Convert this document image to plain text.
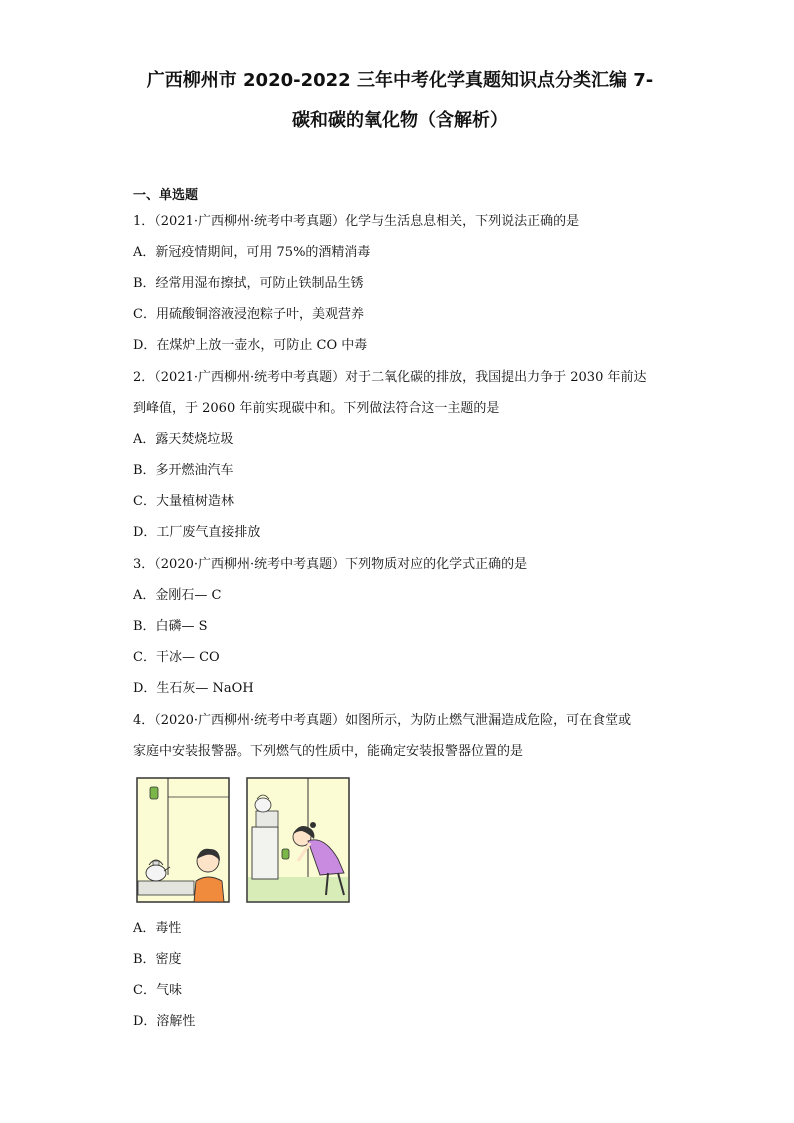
广西柳州市 2020-2022 三年中考化学真题知识点分类汇编 7-
碳和碳的氧化物（含解析）
一、单选题
1．（2021·广西柳州·统考中考真题）化学与生活息息相关，下列说法正确的是
A．新冠疫情期间，可用 75%的酒精消毒
B．经常用湿布擦拭，可防止铁制品生锈
C．用硫酸铜溶液浸泡粽子叶，美观营养
D．在煤炉上放一壶水，可防止 CO 中毒
2．（2021·广西柳州·统考中考真题）对于二氧化碳的排放，我国提出力争于 2030 年前达
到峰值，于 2060 年前实现碳中和。下列做法符合这一主题的是
A．露天焚烧垃圾
B．多开燃油汽车
C．大量植树造林
D．工厂废气直接排放
3．（2020·广西柳州·统考中考真题）下列物质对应的化学式正确的是
A．金刚石— C
B．白磷— S
C．干冰— CO
D．生石灰— NaOH
4．（2020·广西柳州·统考中考真题）如图所示，为防止燃气泄漏造成危险，可在食堂或
家庭中安装报警器。下列燃气的性质中，能确定安装报警器位置的是
A．毒性
B．密度
C．气味
D．溶解性
